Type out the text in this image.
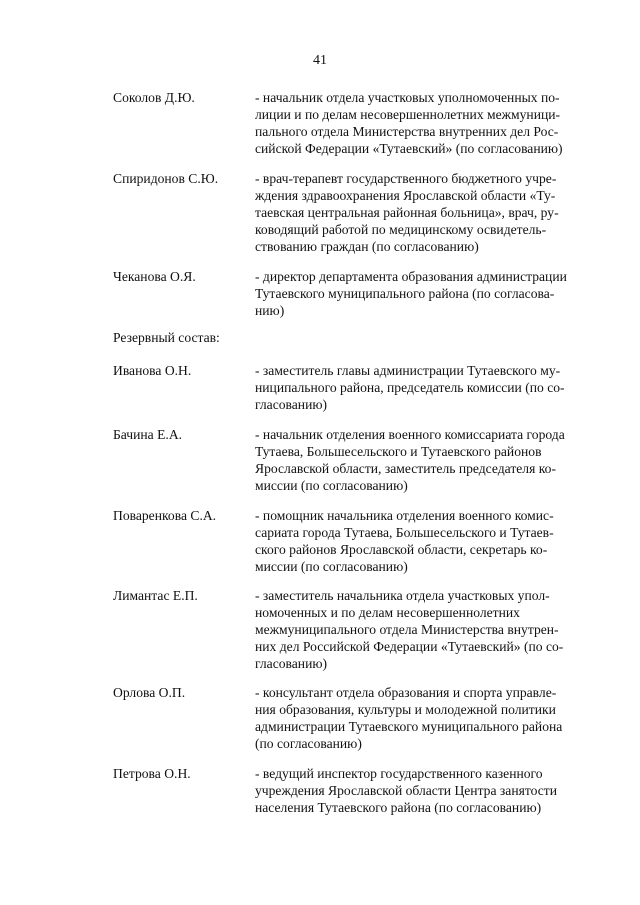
41
Соколов Д.Ю.	- начальник отдела участковых уполномоченных по-
лиции и по делам несовершеннолетних межмуници-
пального отдела Министерства внутренних дел Рос-
сийской Федерации «Тутаевский» (по согласованию)
Спиридонов С.Ю.	- врач-терапевт государственного бюджетного учре-
ждения здравоохранения Ярославской области «Ту-
таевская центральная районная больница», врач, ру-
ководящий работой по медицинскому освидетель-
ствованию граждан (по согласованию)
Чеканова О.Я.	- директор департамента образования администрации
Тутаевского муниципального района (по согласова-
нию)
Резервный состав:
Иванова О.Н.	- заместитель главы администрации Тутаевского му-
ниципального района, председатель комиссии (по со-
гласованию)
Бачина Е.А.	- начальник отделения военного комиссариата города
Тутаева, Большесельского и Тутаевского районов
Ярославской области, заместитель председателя ко-
миссии (по согласованию)
Поваренкова С.А.	- помощник начальника отделения военного комис-
сариата города Тутаева, Большесельского и Тутаев-
ского районов Ярославской области, секретарь ко-
миссии (по согласованию)
Лимантас Е.П.	- заместитель начальника отдела участковых упол-
номоченных и по делам несовершеннолетних
межмуниципального отдела Министерства внутрен-
них дел Российской Федерации «Тутаевский» (по со-
гласованию)
Орлова О.П.	- консультант отдела образования и спорта управле-
ния образования, культуры и молодежной политики
администрации Тутаевского муниципального района
(по согласованию)
Петрова О.Н.	- ведущий инспектор государственного казенного
учреждения Ярославской области Центра занятости
населения Тутаевского района (по согласованию)
